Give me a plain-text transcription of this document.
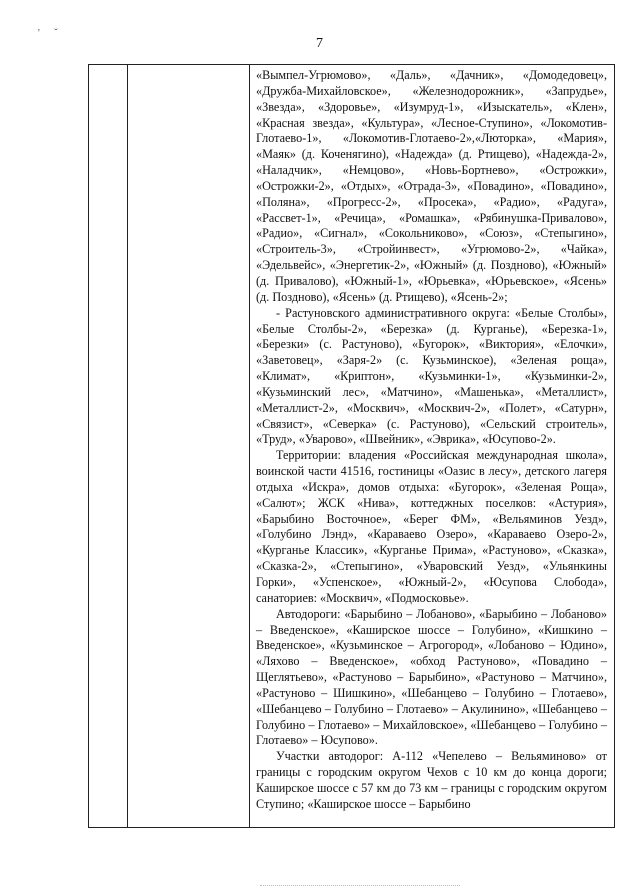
' ˇ
7

«Вымпел-Угрюмово», «Даль», «Дачник», «Домодедовец», «Дружба-Михайловское», «Железнодорожник», «Запрудье», «Звезда», «Здоровье», «Изумруд-1», «Изыскатель», «Клен», «Красная звезда», «Культура», «Лесное-Ступино», «Локомотив-Глотаево-1», «Локомотив-Глотаево-2»,«Люторка», «Мария», «Маяк» (д. Коченягино), «Надежда» (д. Ртищево), «Надежда-2», «Наладчик», «Немцово», «Новь-Бортнево», «Острожки», «Острожки-2», «Отдых», «Отрада-3», «Повадино», «Повадино», «Поляна», «Прогресс-2», «Просека», «Радио», «Радуга», «Рассвет-1», «Речица», «Ромашка», «Рябинушка-Привалово», «Радио», «Сигнал», «Сокольниково», «Союз», «Степыгино», «Строитель-3», «Стройинвест», «Угрюмово-2», «Чайка», «Эдельвейс», «Энергетик-2», «Южный» (д. Поздново), «Южный» (д. Привалово), «Южный-1», «Юрьевка», «Юрьевское», «Ясень» (д. Поздново), «Ясень» (д. Ртищево), «Ясень-2»;

- Растуновского административного округа: «Белые Столбы», «Белые Столбы-2», «Березка» (д. Курганье), «Березка-1», «Березки» (с. Растуново), «Бугорок», «Виктория», «Елочки», «Заветовец», «Заря-2» (с. Кузьминское), «Зеленая роща», «Климат», «Криптон», «Кузьминки-1», «Кузьминки-2», «Кузьминский лес», «Матчино», «Машенька», «Металлист», «Металлист-2», «Москвич», «Москвич-2», «Полет», «Сатурн», «Связист», «Северка» (с. Растуново), «Сельский строитель», «Труд», «Уварово», «Швейник», «Эврика», «Юсупово-2».

Территории: владения «Российская международная школа», воинской части 41516, гостиницы «Оазис в лесу», детского лагеря отдыха «Искра», домов отдыха: «Бугорок», «Зеленая Роща», «Салют»; ЖСК «Нива», коттеджных поселков: «Астурия», «Барыбино Восточное», «Берег ФМ», «Вельяминов Уезд», «Голубино Лэнд», «Караваево Озеро», «Караваево Озеро-2», «Курганье Классик», «Курганье Прима», «Растуново», «Сказка», «Сказка-2», «Степыгино», «Уваровский Уезд», «Ульянкины Горки», «Успенское», «Южный-2», «Юсупова Слобода», санаториев: «Москвич», «Подмосковье».

Автодороги: «Барыбино – Лобаново», «Барыбино – Лобаново» – Введенское», «Каширское шоссе – Голубино», «Кишкино – Введенское», «Кузьминское – Агрогород», «Лобаново – Юдино», «Ляхово – Введенское», «обход Растуново», «Повадино – Щеглятьево», «Растуново – Барыбино», «Растуново – Матчино», «Растуново – Шишкино», «Шебанцево – Голубино – Глотаево», «Шебанцево – Голубино – Глотаево» – Акулинино», «Шебанцево – Голубино – Глотаево» – Михайловское», «Шебанцево – Голубино – Глотаево» – Юсупово».

Участки автодорог: А-112 «Чепелево – Вельяминово» от границы с городским округом Чехов с 10 км до конца дороги; Каширское шоссе с 57 км до 73 км – границы с городским округом Ступино; «Каширское шоссе – Барыбино
